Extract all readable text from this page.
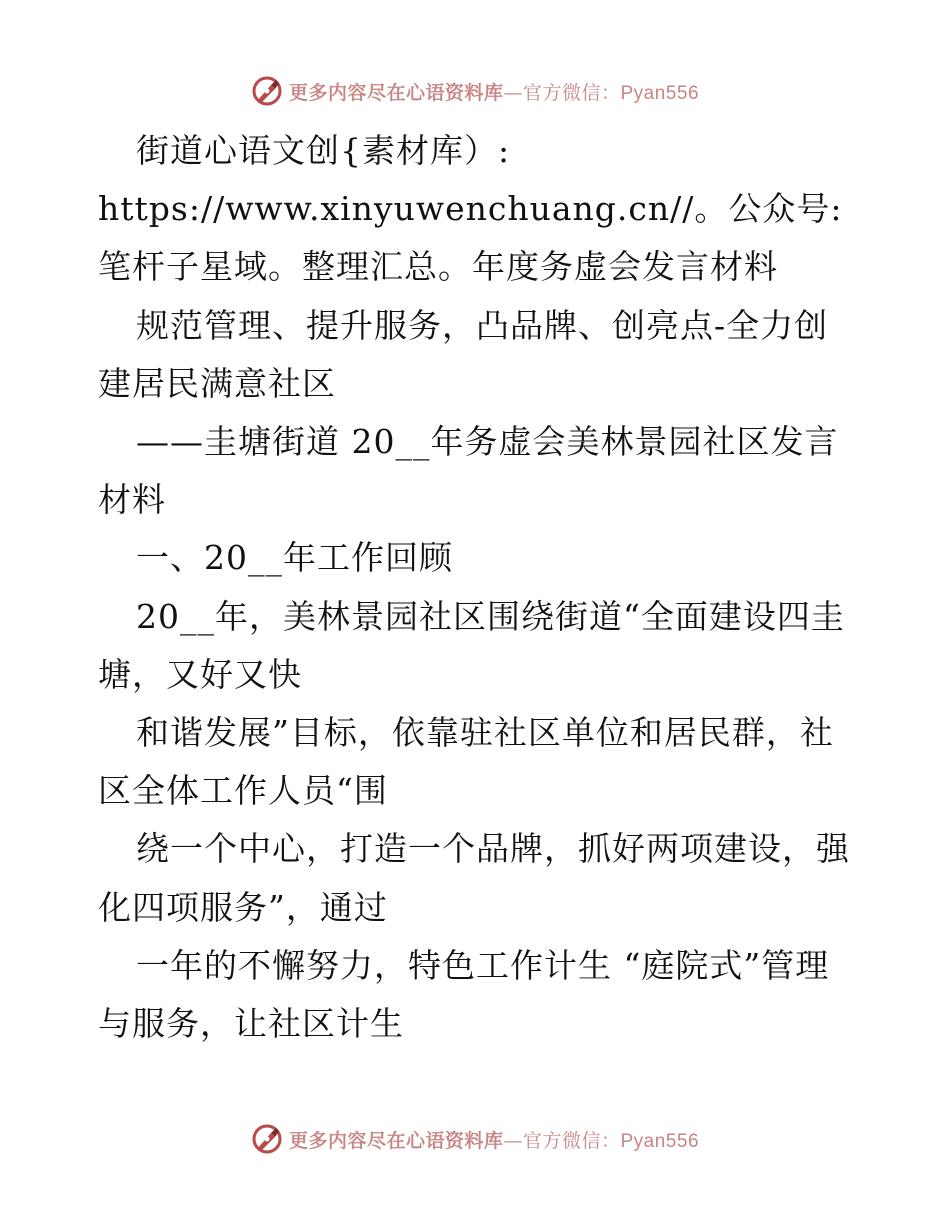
更多内容尽在心语资料库—官方微信：Pyan556

街道心语文创{素材库）: https://www.xinyuwenchuang.cn//。公众号: 笔杆子星域。整理汇总。年度务虚会发言材料

规范管理、提升服务，凸品牌、创亮点-全力创建居民满意社区

——圭塘街道 20__年务虚会美林景园社区发言材料

一、20__年工作回顾

20__年，美林景园社区围绕街道“全面建设四圭塘，又好又快

和谐发展”目标，依靠驻社区单位和居民群，社区全体工作人员“围

绕一个中心，打造一个品牌，抓好两项建设，强化四项服务”，通过

一年的不懈努力，特色工作计生 “庭院式”管理与服务，让社区计生

更多内容尽在心语资料库—官方微信：Pyan556
